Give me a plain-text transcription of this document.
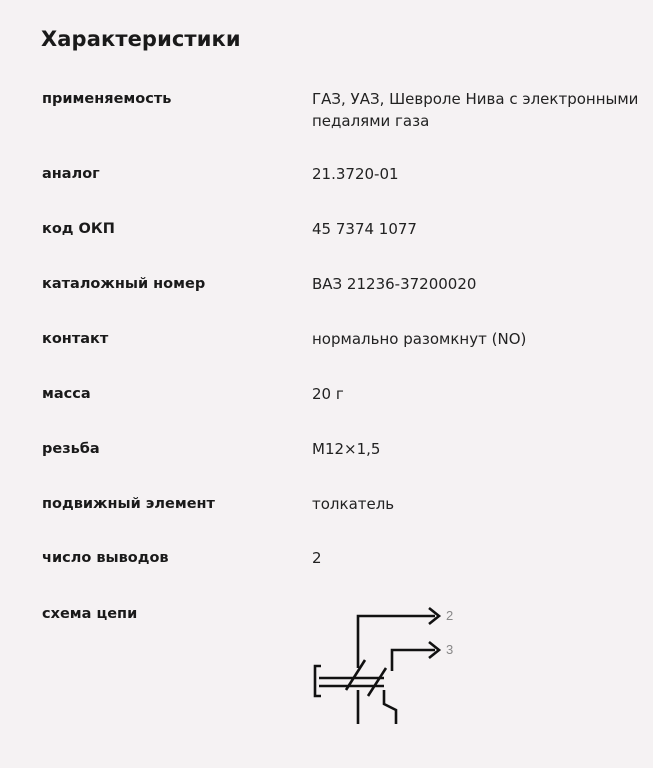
Характеристики
применяемость	ГАЗ, УАЗ, Шевроле Нива с электронными педалями газа
аналог	21.3720-01
код ОКП	45 7374 1077
каталожный номер	ВАЗ 21236-37200020
контакт	нормально разомкнут (NO)
масса	20 г
резьба	M12×1,5
подвижный элемент	толкатель
число выводов	2
схема цепи	2
3
